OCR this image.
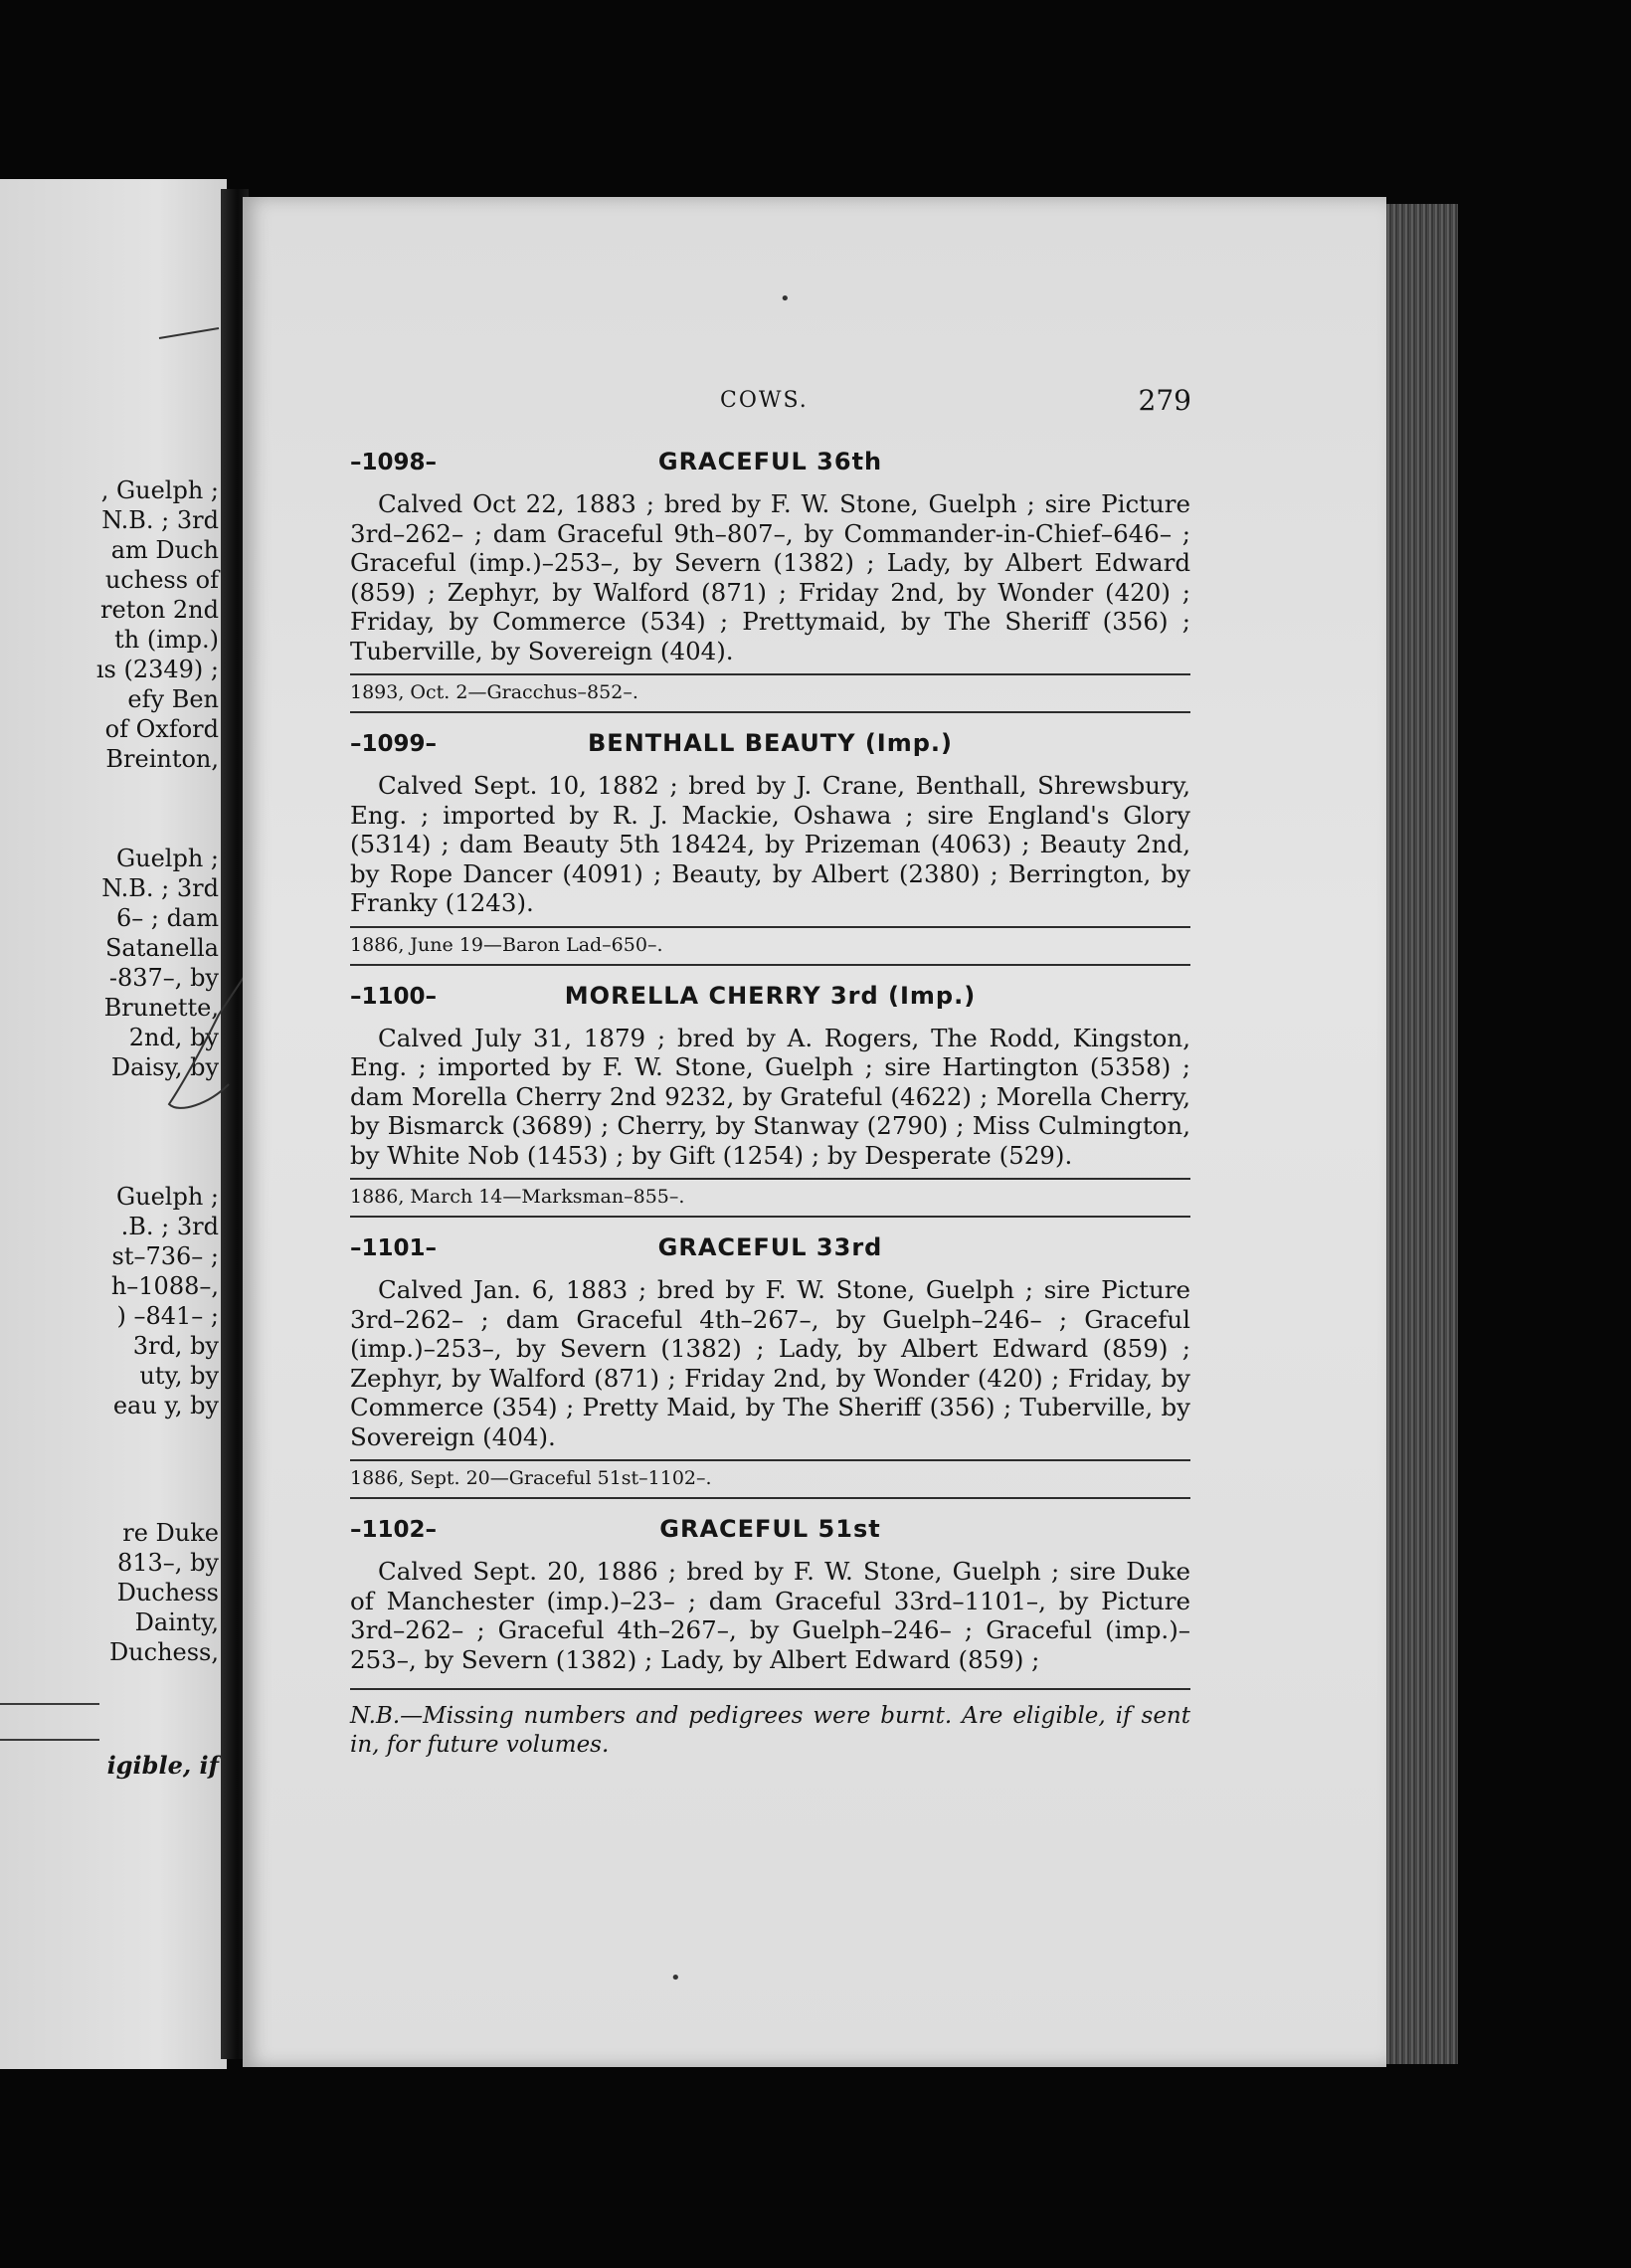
, Guelph ;
N.B. ; 3rd
am Duch
uchess of
reton 2nd
th (imp.)
ıs (2349) ;
efy Ben
of Oxford
Breinton,
Guelph ;
N.B. ; 3rd
6– ; dam
Satanella
-837–, by
Brunette,
2nd, by
Daisy, by
Guelph ;
.B. ; 3rd
st–736– ;
h–1088–,
) –841– ;
3rd, by
uty, by
eau y, by
re Duke
813–, by
Duchess
Dainty,
Duchess,
igible, if
COWS.	279
–1098–	GRACEFUL 36th
Calved Oct 22, 1883 ; bred by F. W. Stone, Guelph ; sire Picture 3rd–262– ; dam Graceful 9th–807–, by Commander-in-Chief–646– ; Graceful (imp.)–253–, by Severn (1382) ; Lady, by Albert Edward (859) ; Zephyr, by Walford (871) ; Friday 2nd, by Wonder (420) ; Friday, by Commerce (534) ; Prettymaid, by The Sheriff (356) ; Tuberville, by Sovereign (404).
1893, Oct. 2—Gracchus–852–.
–1099–	BENTHALL BEAUTY (Imp.)
Calved Sept. 10, 1882 ; bred by J. Crane, Benthall, Shrewsbury, Eng. ; imported by R. J. Mackie, Oshawa ; sire England's Glory (5314) ; dam Beauty 5th 18424, by Prizeman (4063) ; Beauty 2nd, by Rope Dancer (4091) ; Beauty, by Albert (2380) ; Berrington, by Franky (1243).
1886, June 19—Baron Lad–650–.
–1100–	MORELLA CHERRY 3rd (Imp.)
Calved July 31, 1879 ; bred by A. Rogers, The Rodd, Kingston, Eng. ; imported by F. W. Stone, Guelph ; sire Hartington (5358) ; dam Morella Cherry 2nd 9232, by Grateful (4622) ; Morella Cherry, by Bismarck (3689) ; Cherry, by Stanway (2790) ; Miss Culmington, by White Nob (1453) ; by Gift (1254) ; by Desperate (529).
1886, March 14—Marksman–855–.
–1101–	GRACEFUL 33rd
Calved Jan. 6, 1883 ; bred by F. W. Stone, Guelph ; sire Picture 3rd–262– ; dam Graceful 4th–267–, by Guelph–246– ; Graceful (imp.)–253–, by Severn (1382) ; Lady, by Albert Edward (859) ; Zephyr, by Walford (871) ; Friday 2nd, by Wonder (420) ; Friday, by Commerce (354) ; Pretty Maid, by The Sheriff (356) ; Tuberville, by Sovereign (404).
1886, Sept. 20—Graceful 51st–1102–.
–1102–	GRACEFUL 51st
Calved Sept. 20, 1886 ; bred by F. W. Stone, Guelph ; sire Duke of Manchester (imp.)–23– ; dam Graceful 33rd–1101–, by Picture 3rd–262– ; Graceful 4th–267–, by Guelph–246– ; Graceful (imp.)–253–, by Severn (1382) ; Lady, by Albert Edward (859) ;
N.B.—Missing numbers and pedigrees were burnt. Are eligible, if sent in, for future volumes.
•
•
